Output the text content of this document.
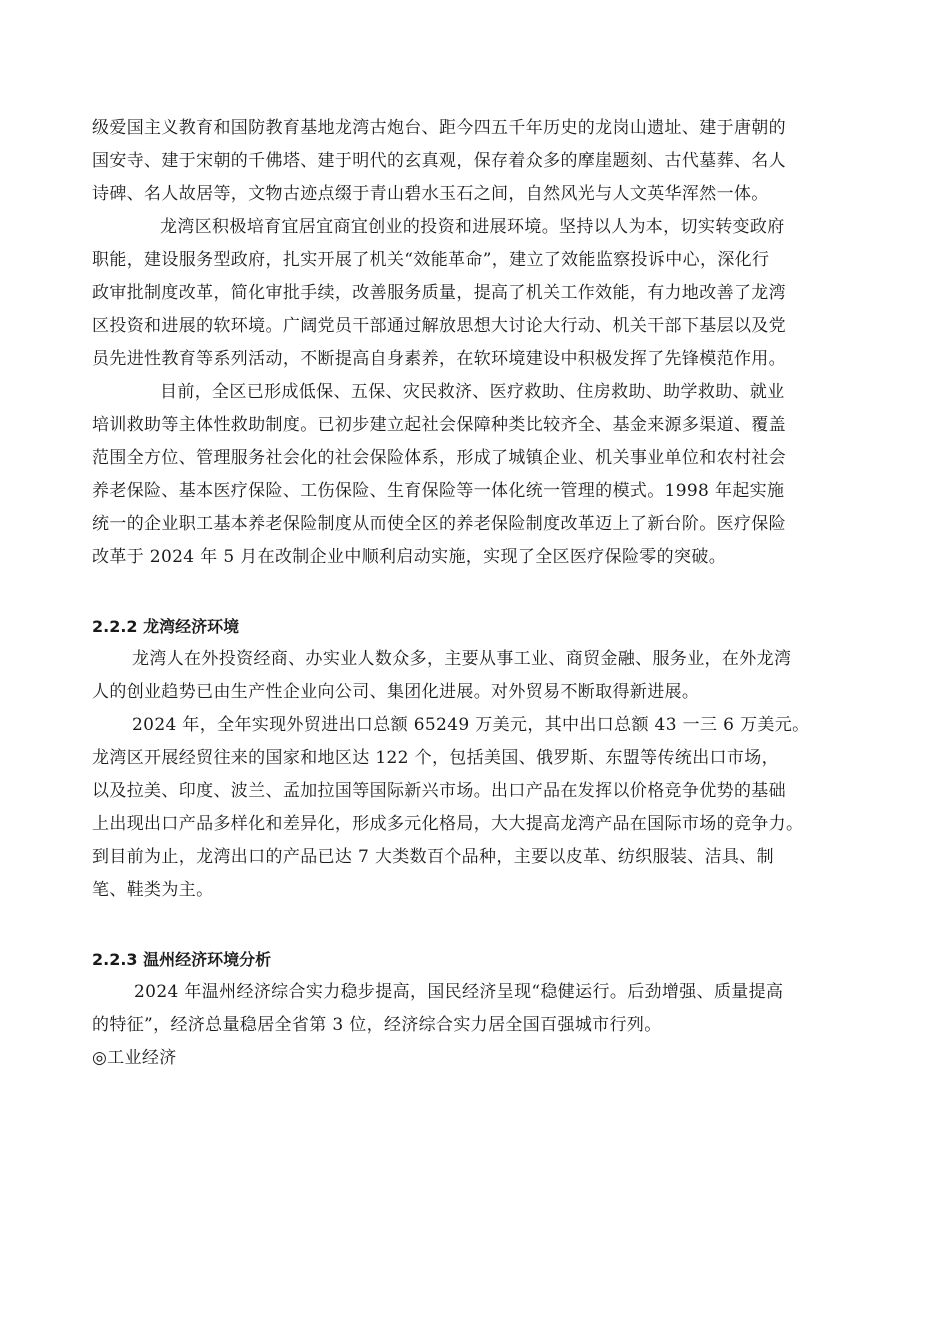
级爱国主义教育和国防教育基地龙湾古炮台、距今四五千年历史的龙岗山遗址、建于唐朝的
国安寺、建于宋朝的千佛塔、建于明代的玄真观，保存着众多的摩崖题刻、古代墓葬、名人
诗碑、名人故居等，文物古迹点缀于青山碧水玉石之间，自然风光与人文英华浑然一体。
龙湾区积极培育宜居宜商宜创业的投资和进展环境。坚持以人为本，切实转变政府
职能，建设服务型政府，扎实开展了机关“效能革命”，建立了效能监察投诉中心，深化行
政审批制度改革，简化审批手续，改善服务质量，提高了机关工作效能，有力地改善了龙湾
区投资和进展的软环境。广阔党员干部通过解放思想大讨论大行动、机关干部下基层以及党
员先进性教育等系列活动，不断提高自身素养，在软环境建设中积极发挥了先锋模范作用。
目前，全区已形成低保、五保、灾民救济、医疗救助、住房救助、助学救助、就业
培训救助等主体性救助制度。已初步建立起社会保障种类比较齐全、基金来源多渠道、覆盖
范围全方位、管理服务社会化的社会保险体系，形成了城镇企业、机关事业单位和农村社会
养老保险、基本医疗保险、工伤保险、生育保险等一体化统一管理的模式。1998 年起实施
统一的企业职工基本养老保险制度从而使全区的养老保险制度改革迈上了新台阶。医疗保险
改革于 2024 年 5 月在改制企业中顺利启动实施，实现了全区医疗保险零的突破。
2.2.2 龙湾经济环境
龙湾人在外投资经商、办实业人数众多，主要从事工业、商贸金融、服务业，在外龙湾
人的创业趋势已由生产性企业向公司、集团化进展。对外贸易不断取得新进展。
2024 年，全年实现外贸进出口总额 65249 万美元，其中出口总额 43 一三 6 万美元。
龙湾区开展经贸往来的国家和地区达 122 个，包括美国、俄罗斯、东盟等传统出口市场，
以及拉美、印度、波兰、孟加拉国等国际新兴市场。出口产品在发挥以价格竞争优势的基础
上出现出口产品多样化和差异化，形成多元化格局，大大提高龙湾产品在国际市场的竞争力。
到目前为止，龙湾出口的产品已达 7 大类数百个品种，主要以皮革、纺织服装、洁具、制
笔、鞋类为主。
2.2.3 温州经济环境分析
2024 年温州经济综合实力稳步提高，国民经济呈现“稳健运行。后劲增强、质量提高
的特征”，经济总量稳居全省第 3 位，经济综合实力居全国百强城市行列。
◎工业经济
